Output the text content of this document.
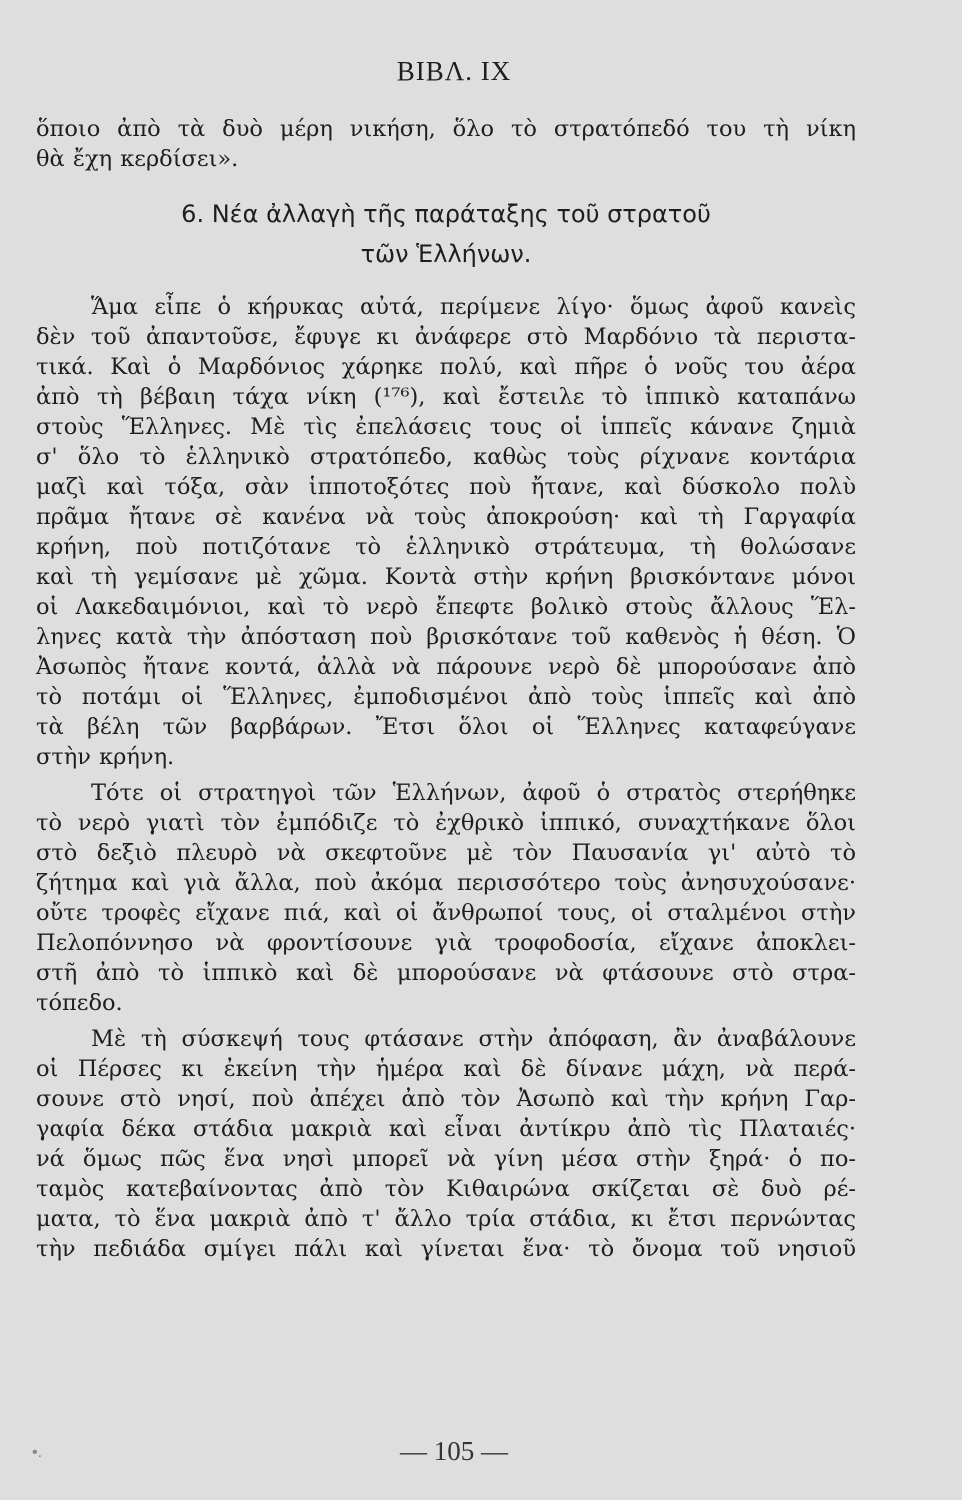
ΒΙΒΛ. ΙΧ
ὅποιο ἀπὸ τὰ δυὸ μέρη νικήση, ὅλο τὸ στρατόπεδό του τὴ νίκη
θὰ ἔχη κερδίσει».
6. Νέα ἀλλαγὴ τῆς παράταξης τοῦ στρατοῦ
τῶν Ἑλλήνων.
Ἅμα εἶπε ὁ κήρυκας αὐτά, περίμενε λίγο· ὅμως ἀφοῦ κανεὶς
δὲν τοῦ ἀπαντοῦσε, ἔφυγε κι ἀνάφερε στὸ Μαρδόνιο τὰ περιστα-
τικά. Καὶ ὁ Μαρδόνιος χάρηκε πολύ, καὶ πῆρε ὁ νοῦς του ἀέρα
ἀπὸ τὴ βέβαιη τάχα νίκη (¹⁷⁶), καὶ ἔστειλε τὸ ἱππικὸ καταπάνω
στοὺς Ἕλληνες. Μὲ τὶς ἐπελάσεις τους οἱ ἱππεῖς κάνανε ζημιὰ
σ' ὅλο τὸ ἑλληνικὸ στρατόπεδο, καθὼς τοὺς ρίχνανε κοντάρια
μαζὶ καὶ τόξα, σὰν ἱπποτοξότες ποὺ ἤτανε, καὶ δύσκολο πολὺ
πρᾶμα ἤτανε σὲ κανένα νὰ τοὺς ἀποκρούση· καὶ τὴ Γαργαφία
κρήνη, ποὺ ποτιζότανε τὸ ἑλληνικὸ στράτευμα, τὴ θολώσανε
καὶ τὴ γεμίσανε μὲ χῶμα. Κοντὰ στὴν κρήνη βρισκόντανε μόνοι
οἱ Λακεδαιμόνιοι, καὶ τὸ νερὸ ἔπεφτε βολικὸ στοὺς ἄλλους Ἕλ-
ληνες κατὰ τὴν ἀπόσταση ποὺ βρισκότανε τοῦ καθενὸς ἡ θέση. Ὁ
Ἀσωπὸς ἤτανε κοντά, ἀλλὰ νὰ πάρουνε νερὸ δὲ μπορούσανε ἀπὸ
τὸ ποτάμι οἱ Ἕλληνες, ἐμποδισμένοι ἀπὸ τοὺς ἱππεῖς καὶ ἀπὸ
τὰ βέλη τῶν βαρβάρων. Ἔτσι ὅλοι οἱ Ἕλληνες καταφεύγανε
στὴν κρήνη.
Τότε οἱ στρατηγοὶ τῶν Ἑλλήνων, ἀφοῦ ὁ στρατὸς στερήθηκε
τὸ νερὸ γιατὶ τὸν ἐμπόδιζε τὸ ἐχθρικὸ ἱππικό, συναχτήκανε ὅλοι
στὸ δεξιὸ πλευρὸ νὰ σκεφτοῦνε μὲ τὸν Παυσανία γι' αὐτὸ τὸ
ζήτημα καὶ γιὰ ἄλλα, ποὺ ἀκόμα περισσότερο τοὺς ἀνησυχούσανε·
οὔτε τροφὲς εἴχανε πιά, καὶ οἱ ἄνθρωποί τους, οἱ σταλμένοι στὴν
Πελοπόννησο νὰ φροντίσουνε γιὰ τροφοδοσία, εἴχανε ἀποκλει-
στῆ ἀπὸ τὸ ἱππικὸ καὶ δὲ μπορούσανε νὰ φτάσουνε στὸ στρα-
τόπεδο.
Μὲ τὴ σύσκεψή τους φτάσανε στὴν ἀπόφαση, ἂν ἀναβάλουνε
οἱ Πέρσες κι ἐκείνη τὴν ἡμέρα καὶ δὲ δίνανε μάχη, νὰ περά-
σουνε στὸ νησί, ποὺ ἀπέχει ἀπὸ τὸν Ἀσωπὸ καὶ τὴν κρήνη Γαρ-
γαφία δέκα στάδια μακριὰ καὶ εἶναι ἀντίκρυ ἀπὸ τὶς Πλαταιές·
νά ὅμως πῶς ἕνα νησὶ μπορεῖ νὰ γίνη μέσα στὴν ξηρά· ὁ πο-
ταμὸς κατεβαίνοντας ἀπὸ τὸν Κιθαιρώνα σκίζεται σὲ δυὸ ρέ-
ματα, τὸ ἕνα μακριὰ ἀπὸ τ' ἄλλο τρία στάδια, κι ἔτσι περνώντας
τὴν πεδιάδα σμίγει πάλι καὶ γίνεται ἕνα· τὸ ὄνομα τοῦ νησιοῦ
•.	— 105 —
